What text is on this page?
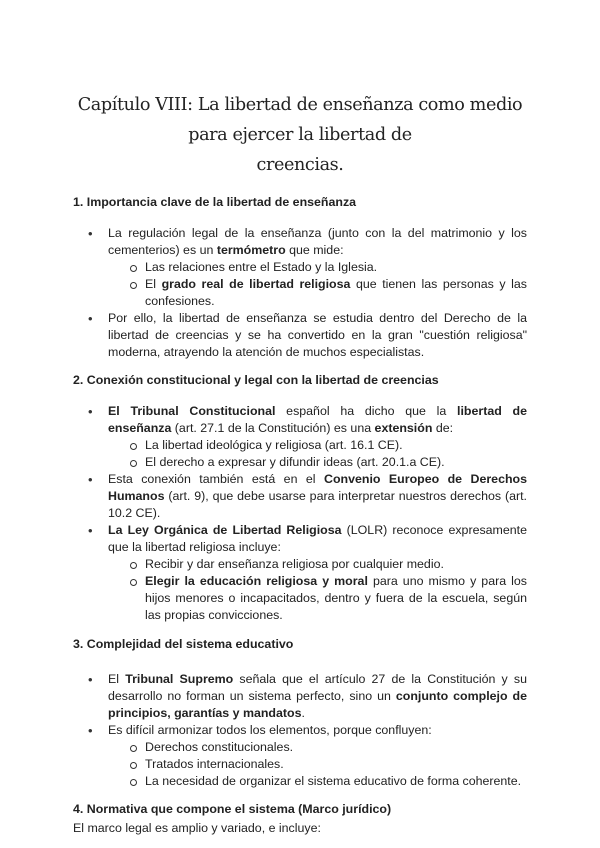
Capítulo VIII: La libertad de enseñanza como medio para ejercer la libertad de
creencias.
1. Importancia clave de la libertad de enseñanza
• La regulación legal de la enseñanza (junto con la del matrimonio y los cementerios) es un termómetro que mide:
Las relaciones entre el Estado y la Iglesia.
El grado real de libertad religiosa que tienen las personas y las confesiones.
• Por ello, la libertad de enseñanza se estudia dentro del Derecho de la libertad de creencias y se ha convertido en la gran "cuestión religiosa" moderna, atrayendo la atención de muchos especialistas.
2. Conexión constitucional y legal con la libertad de creencias
• El Tribunal Constitucional español ha dicho que la libertad de enseñanza (art. 27.1 de la Constitución) es una extensión de:
La libertad ideológica y religiosa (art. 16.1 CE).
El derecho a expresar y difundir ideas (art. 20.1.a CE).
• Esta conexión también está en el Convenio Europeo de Derechos Humanos (art. 9), que debe usarse para interpretar nuestros derechos (art. 10.2 CE).
• La Ley Orgánica de Libertad Religiosa (LOLR) reconoce expresamente que la libertad religiosa incluye:
Recibir y dar enseñanza religiosa por cualquier medio.
Elegir la educación religiosa y moral para uno mismo y para los hijos menores o incapacitados, dentro y fuera de la escuela, según las propias convicciones.
3. Complejidad del sistema educativo
• El Tribunal Supremo señala que el artículo 27 de la Constitución y su desarrollo no forman un sistema perfecto, sino un conjunto complejo de principios, garantías y mandatos.
• Es difícil armonizar todos los elementos, porque confluyen:
Derechos constitucionales.
Tratados internacionales.
La necesidad de organizar el sistema educativo de forma coherente.
4. Normativa que compone el sistema (Marco jurídico)

El marco legal es amplio y variado, e incluye:
